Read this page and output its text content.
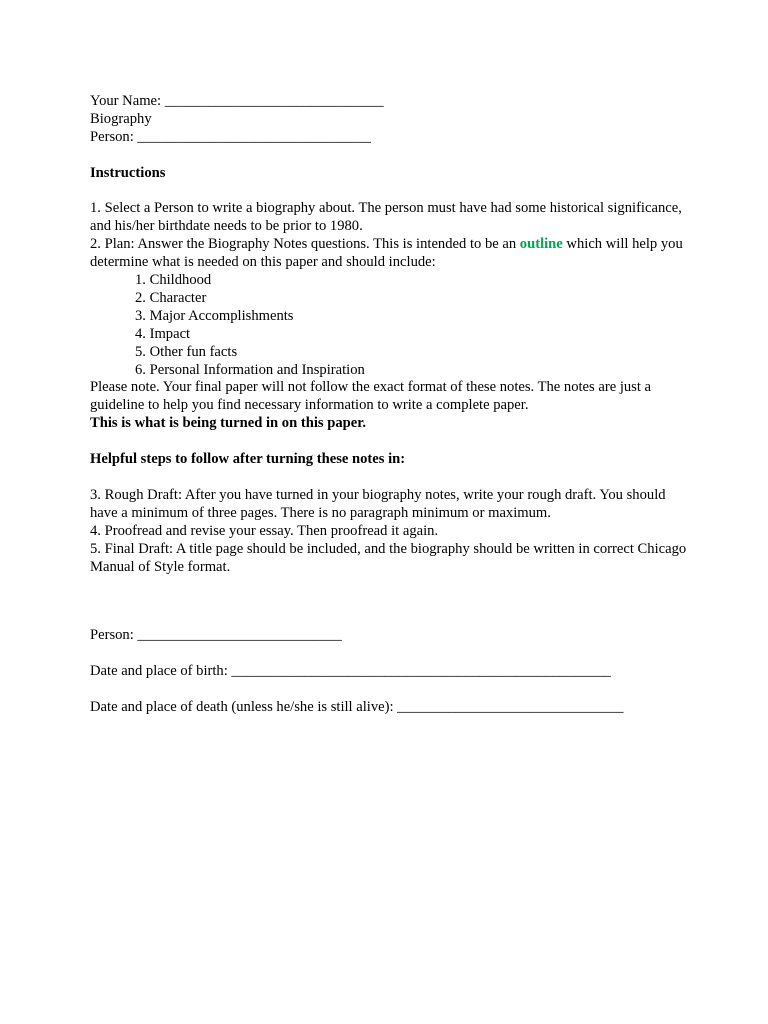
Your Name: ______________________________

Biography

Person: ________________________________

Instructions

1. Select a Person to write a biography about. The person must have had some historical significance, and his/her birthdate needs to be prior to 1980.

2. Plan: Answer the Biography Notes questions. This is intended to be an outline which will help you determine what is needed on this paper and should include:

1. Childhood

2. Character

3. Major Accomplishments

4. Impact

5. Other fun facts

6. Personal Information and Inspiration

Please note. Your final paper will not follow the exact format of these notes. The notes are just a guideline to help you find necessary information to write a complete paper.

This is what is being turned in on this paper.

Helpful steps to follow after turning these notes in:

3. Rough Draft: After you have turned in your biography notes, write your rough draft. You should have a minimum of three pages. There is no paragraph minimum or maximum.

4. Proofread and revise your essay. Then proofread it again.

5. Final Draft: A title page should be included, and the biography should be written in correct Chicago Manual of Style format.

Person: ____________________________

Date and place of birth: ____________________________________________________

Date and place of death (unless he/she is still alive): _______________________________
